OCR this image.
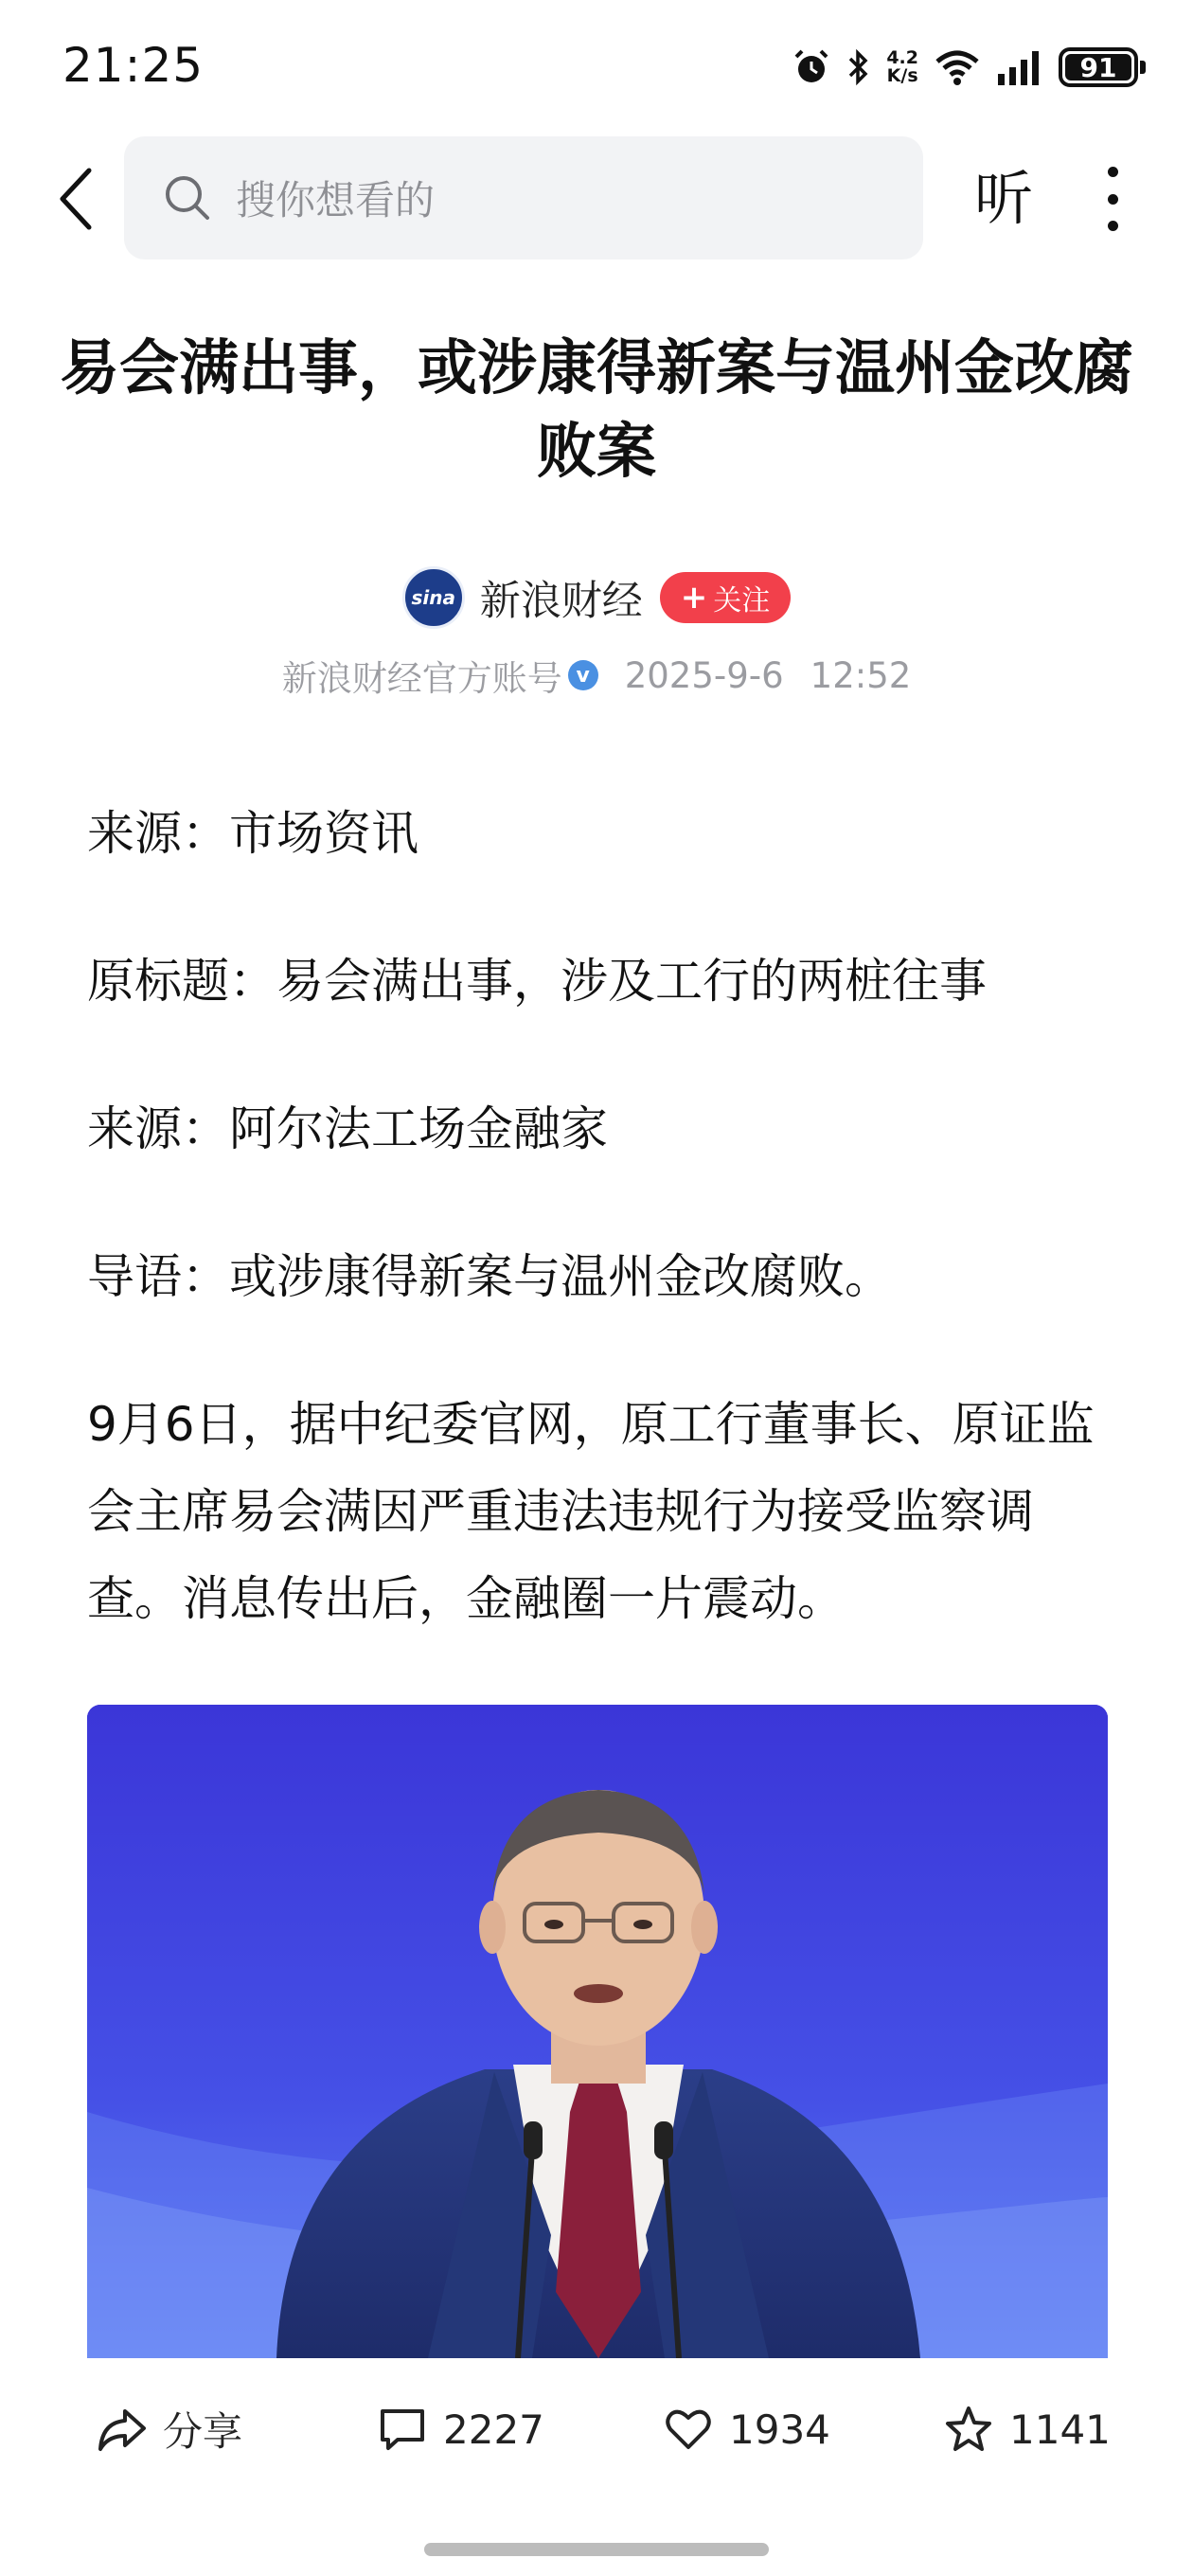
21:25	4.2
K/s	91
搜你想看的	听
易会满出事，或涉康得新案与温州金改腐败案
sina 新浪财经 + 关注
新浪财经官方账号 v 2025-9-6 12:52

来源：市场资讯

原标题：易会满出事，涉及工行的两桩往事

来源：阿尔法工场金融家

导语：或涉康得新案与温州金改腐败。

9月6日，据中纪委官网，原工行董事长、原证监会主席易会满因严重违法违规行为接受监察调查。消息传出后，金融圈一片震动。

分享	2227	1934	1141
